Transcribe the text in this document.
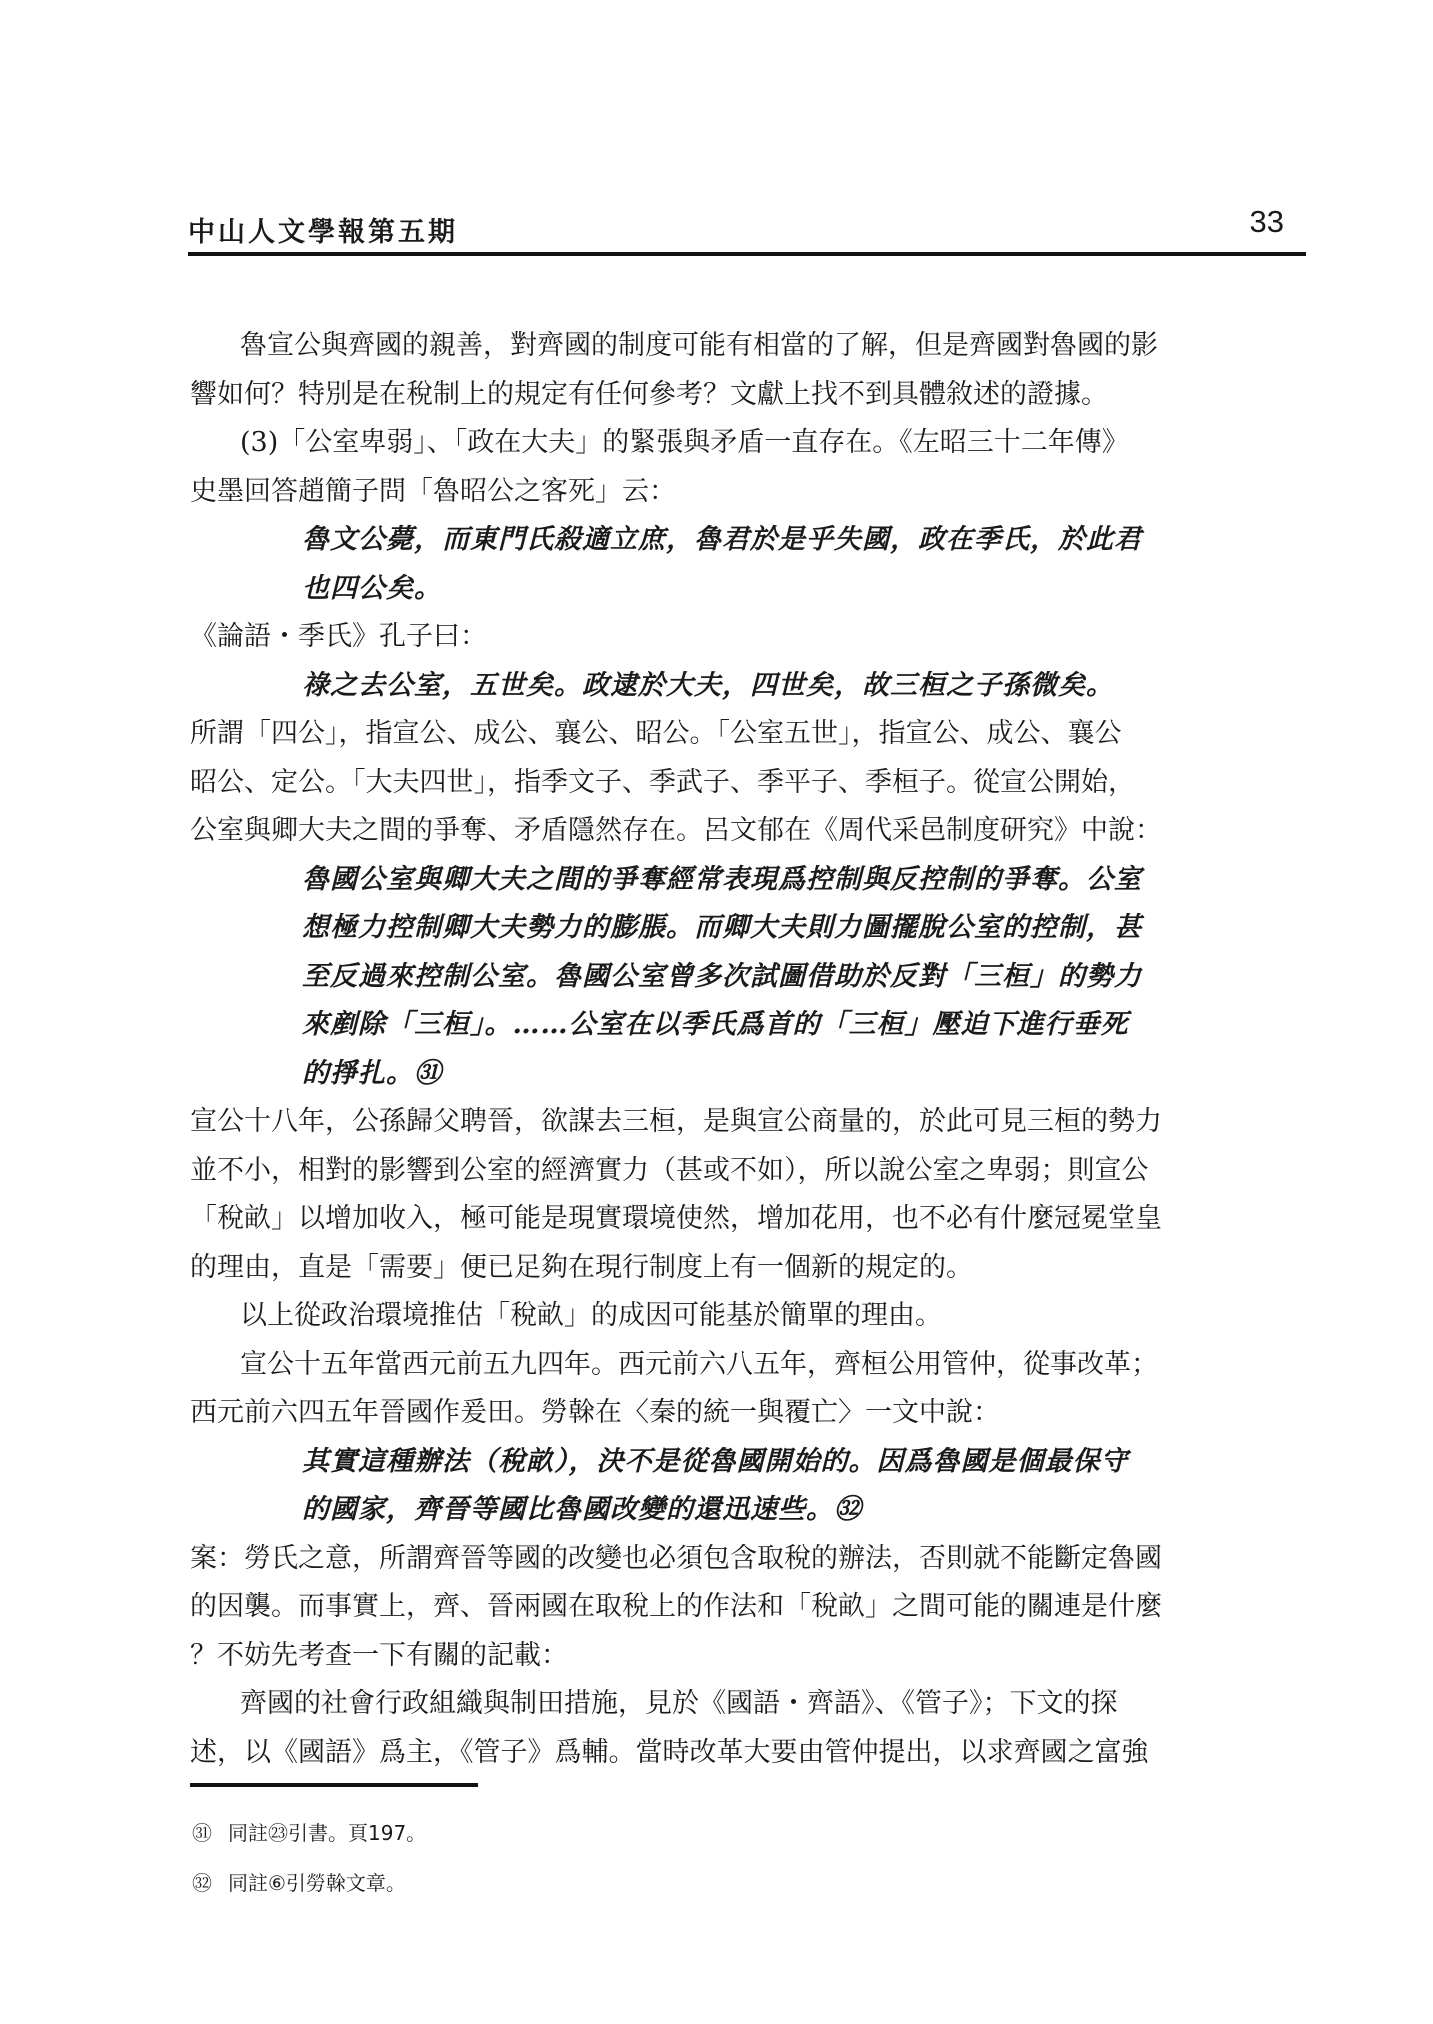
中山人文學報第五期	33

魯宣公與齊國的親善，對齊國的制度可能有相當的了解，但是齊國對魯國的影

響如何？特別是在稅制上的規定有任何參考？文獻上找不到具體敘述的證據。

(3)「公室卑弱」、「政在大夫」的緊張與矛盾一直存在。《左昭三十二年傳》

史墨回答趙簡子問「魯昭公之客死」云：

魯文公薨，而東門氏殺適立庶，魯君於是乎失國，政在季氏，於此君

也四公矣。

《論語・季氏》孔子曰：

祿之去公室，五世矣。政逮於大夫，四世矣，故三桓之子孫微矣。

所謂「四公」，指宣公、成公、襄公、昭公。「公室五世」，指宣公、成公、襄公

昭公、定公。「大夫四世」，指季文子、季武子、季平子、季桓子。從宣公開始，

公室與卿大夫之間的爭奪、矛盾隱然存在。呂文郁在《周代采邑制度研究》中說：

魯國公室與卿大夫之間的爭奪經常表現爲控制與反控制的爭奪。公室

想極力控制卿大夫勢力的膨脹。而卿大夫則力圖擺脫公室的控制，甚

至反過來控制公室。魯國公室曾多次試圖借助於反對「三桓」的勢力

來剷除「三桓」。……公室在以季氏爲首的「三桓」壓迫下進行垂死

的掙扎。㉛

宣公十八年，公孫歸父聘晉，欲謀去三桓，是與宣公商量的，於此可見三桓的勢力

並不小，相對的影響到公室的經濟實力（甚或不如），所以說公室之卑弱；則宣公

「稅畝」以增加收入，極可能是現實環境使然，增加花用，也不必有什麼冠冕堂皇

的理由，直是「需要」便已足夠在現行制度上有一個新的規定的。

以上從政治環境推估「稅畝」的成因可能基於簡單的理由。

宣公十五年當西元前五九四年。西元前六八五年，齊桓公用管仲，從事改革；

西元前六四五年晉國作爰田。勞榦在〈秦的統一與覆亡〉一文中說：

其實這種辦法（稅畝），決不是從魯國開始的。因爲魯國是個最保守

的國家，齊晉等國比魯國改變的還迅速些。㉜

案：勞氏之意，所謂齊晉等國的改變也必須包含取稅的辦法，否則就不能斷定魯國

的因襲。而事實上，齊、晉兩國在取稅上的作法和「稅畝」之間可能的關連是什麼

？不妨先考查一下有關的記載：

齊國的社會行政組織與制田措施，見於《國語・齊語》、《管子》；下文的探

述，以《國語》爲主，《管子》爲輔。當時改革大要由管仲提出，以求齊國之富強

㉛ 同註㉓引書。頁197。

㉜ 同註⑥引勞榦文章。
